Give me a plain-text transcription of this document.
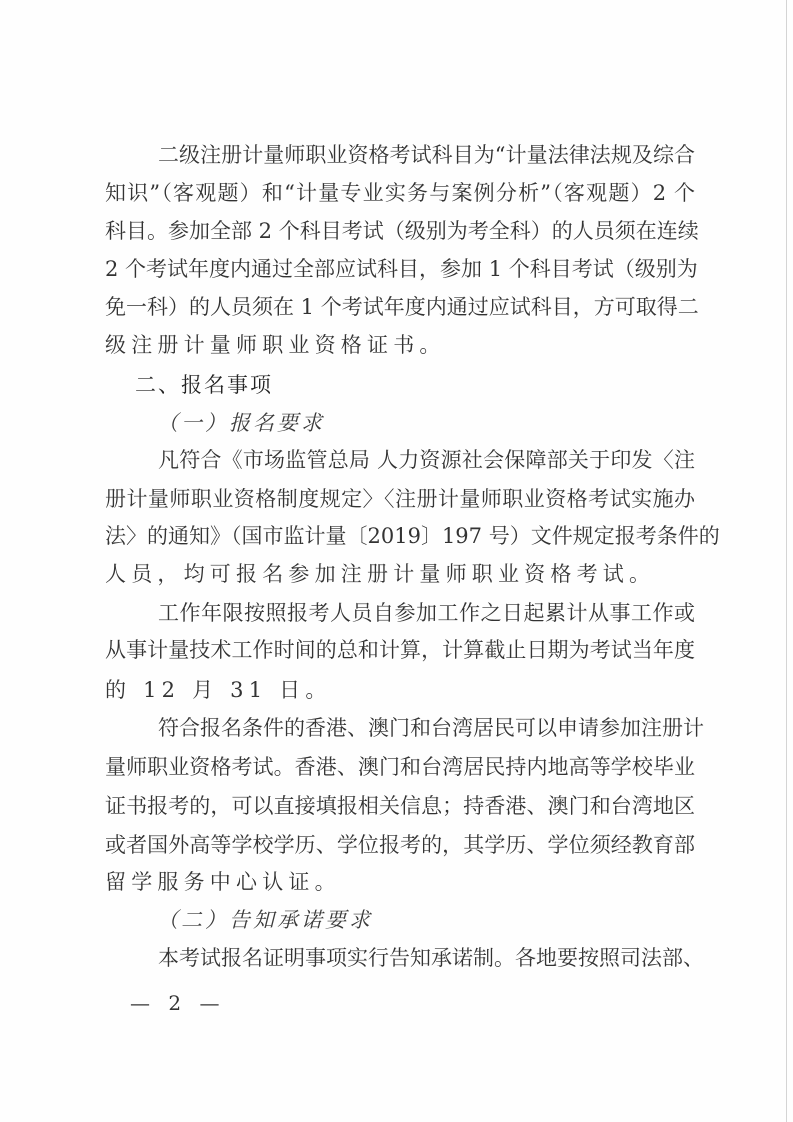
二级注册计量师职业资格考试科目为“计量法律法规及综合
知识”（客观题）和“计量专业实务与案例分析”（客观题）2 个
科目。参加全部 2 个科目考试（级别为考全科）的人员须在连续
2 个考试年度内通过全部应试科目，参加 1 个科目考试（级别为
免一科）的人员须在 1 个考试年度内通过应试科目，方可取得二
级注册计量师职业资格证书。
二、报名事项
（一）报名要求
凡符合《市场监管总局 人力资源社会保障部关于印发〈注
册计量师职业资格制度规定〉〈注册计量师职业资格考试实施办
法〉的通知》（国市监计量〔2019〕197 号）文件规定报考条件的
人员，均可报名参加注册计量师职业资格考试。
工作年限按照报考人员自参加工作之日起累计从事工作或
从事计量技术工作时间的总和计算，计算截止日期为考试当年度
的 12 月 31 日。
符合报名条件的香港、澳门和台湾居民可以申请参加注册计
量师职业资格考试。香港、澳门和台湾居民持内地高等学校毕业
证书报考的，可以直接填报相关信息；持香港、澳门和台湾地区
或者国外高等学校学历、学位报考的，其学历、学位须经教育部
留学服务中心认证。
（二）告知承诺要求
本考试报名证明事项实行告知承诺制。各地要按照司法部、
— 2 —
